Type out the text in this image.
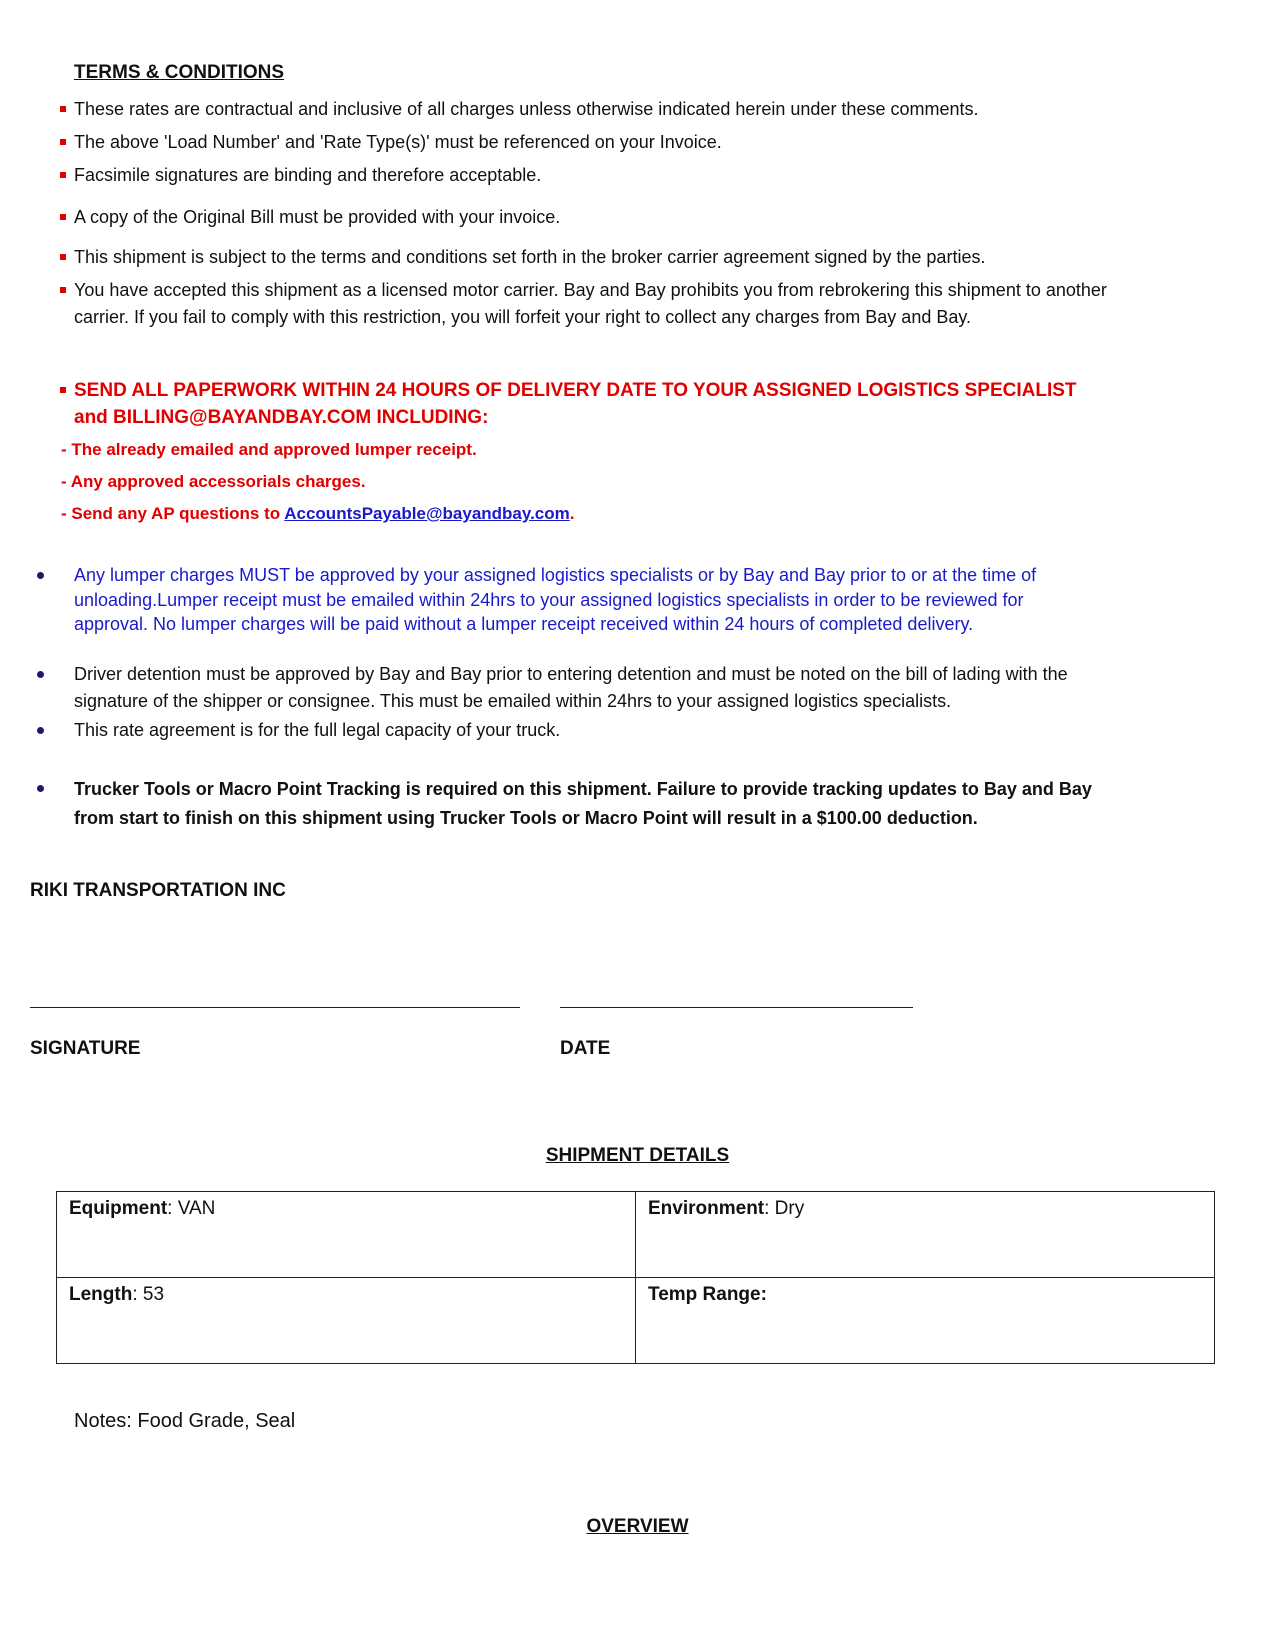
TERMS & CONDITIONS
These rates are contractual and inclusive of all charges unless otherwise indicated herein under these comments.
The above 'Load Number' and 'Rate Type(s)' must be referenced on your Invoice.
Facsimile signatures are binding and therefore acceptable.
A copy of the Original Bill must be provided with your invoice.
This shipment is subject to the terms and conditions set forth in the broker carrier agreement signed by the parties.
You have accepted this shipment as a licensed motor carrier. Bay and Bay prohibits you from rebrokering this shipment to another carrier. If you fail to comply with this restriction, you will forfeit your right to collect any charges from Bay and Bay.
SEND ALL PAPERWORK WITHIN 24 HOURS OF DELIVERY DATE TO YOUR ASSIGNED LOGISTICS SPECIALIST and BILLING@BAYANDBAY.COM INCLUDING:
- The already emailed and approved lumper receipt.
- Any approved accessorials charges.
- Send any AP questions to AccountsPayable@bayandbay.com.
Any lumper charges MUST be approved by your assigned logistics specialists or by Bay and Bay prior to or at the time of unloading.Lumper receipt must be emailed within 24hrs to your assigned logistics specialists in order to be reviewed for approval. No lumper charges will be paid without a lumper receipt received within 24 hours of completed delivery.
Driver detention must be approved by Bay and Bay prior to entering detention and must be noted on the bill of lading with the signature of the shipper or consignee. This must be emailed within 24hrs to your assigned logistics specialists.
This rate agreement is for the full legal capacity of your truck.
Trucker Tools or Macro Point Tracking is required on this shipment. Failure to provide tracking updates to Bay and Bay from start to finish on this shipment using Trucker Tools or Macro Point will result in a $100.00 deduction.
RIKI TRANSPORTATION INC
SIGNATURE	DATE
SHIPMENT DETAILS
Equipment: VAN	Environment: Dry
Length: 53	Temp Range:
Notes: Food Grade, Seal
OVERVIEW
